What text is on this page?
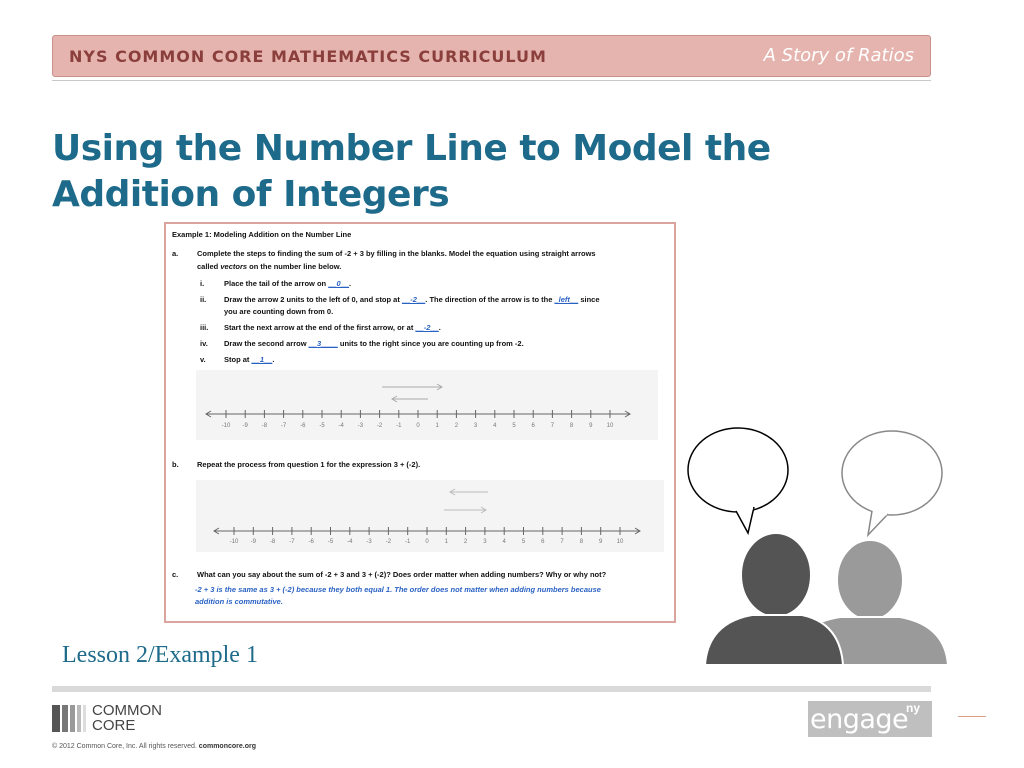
NYS COMMON CORE MATHEMATICS CURRICULUM	A Story of Ratios
Using the Number Line to Model the Addition of Integers
Example 1: Modeling Addition on the Number Line
a. Complete the steps to finding the sum of -2 + 3 by filling in the blanks. Model the equation using straight arrows
called vectors on the number line below.
i.	Place the tail of the arrow on __0__.
ii. Draw the arrow 2 units to the left of 0, and stop at __-2__. The direction of the arrow is to the _left__ since
you are counting down from 0.
iii. Start the next arrow at the end of the first arrow, or at __-2__.
iv. Draw the second arrow __3____ units to the right since you are counting up from -2.
v. Stop at __1__.
-10 -9 -8 -7 -6 -5 -4 -3 -2 -1 0	1	2	3	4	5	6	7	8	9 10
b. Repeat the process from question 1 for the expression 3 + (-2).
-10 -9 -8 -7 -6 -5 -4 -3 -2 -1 0	1	2	3	4	5	6	7	8	9 10
c. What can you say about the sum of -2 + 3 and 3 + (-2)? Does order matter when adding numbers? Why or why not?
-2 + 3 is the same as 3 + (-2) because they both equal 1. The order does not matter when adding numbers because
addition is commutative.
Lesson 2/Example 1
COMMON
CORE
© 2012 Common Core, Inc. All rights reserved. commoncore.org
engage
ny
